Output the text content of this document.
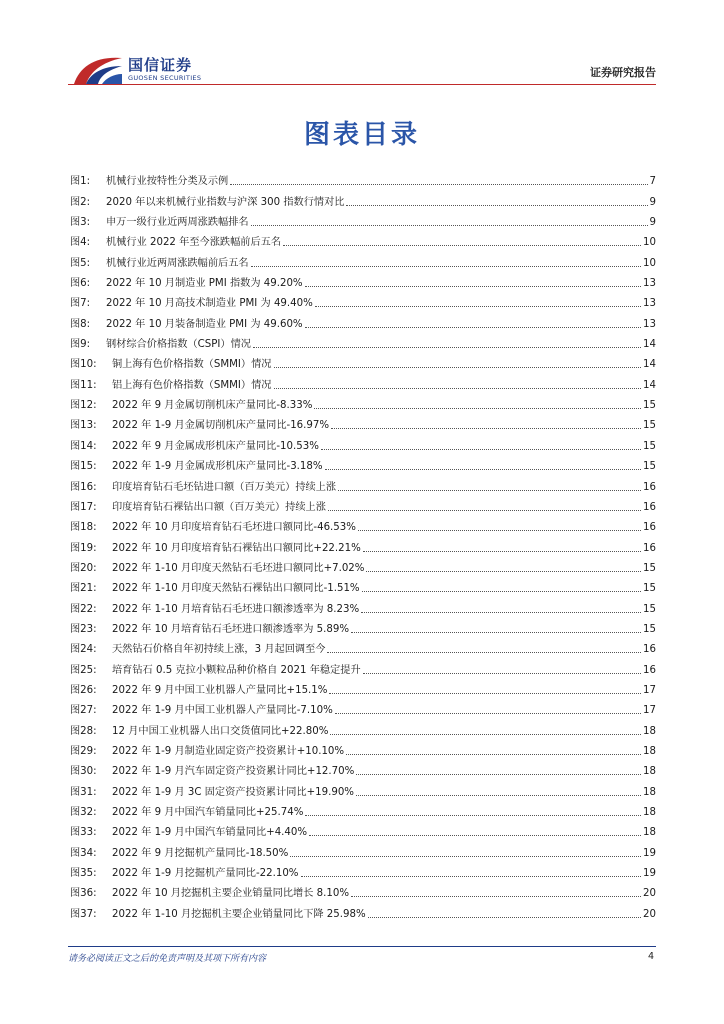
国信证券
GUOSEN SECURITIES	证券研究报告
图表目录
图1:	机械行业按特性分类及示例	7
图2:	2020 年以来机械行业指数与沪深 300 指数行情对比	9
图3:	申万一级行业近两周涨跌幅排名	9
图4:	机械行业 2022 年至今涨跌幅前后五名	10
图5:	机械行业近两周涨跌幅前后五名	10
图6:	2022 年 10 月制造业 PMI 指数为 49.20%	13
图7:	2022 年 10 月高技术制造业 PMI 为 49.40%	13
图8:	2022 年 10 月装备制造业 PMI 为 49.60%	13
图9:	钢材综合价格指数（CSPI）情况	14
图10:	铜上海有色价格指数（SMMI）情况	14
图11:	铝上海有色价格指数（SMMI）情况	14
图12:	2022 年 9 月金属切削机床产量同比-8.33%	15
图13:	2022 年 1-9 月金属切削机床产量同比-16.97%	15
图14:	2022 年 9 月金属成形机床产量同比-10.53%	15
图15:	2022 年 1-9 月金属成形机床产量同比-3.18%	15
图16:	印度培育钻石毛坯钻进口额（百万美元）持续上涨	16
图17:	印度培育钻石裸钻出口额（百万美元）持续上涨	16
图18:	2022 年 10 月印度培育钻石毛坯进口额同比-46.53%	16
图19:	2022 年 10 月印度培育钻石裸钻出口额同比+22.21%	16
图20:	2022 年 1-10 月印度天然钻石毛坯进口额同比+7.02%	15
图21:	2022 年 1-10 月印度天然钻石裸钻出口额同比-1.51%	15
图22:	2022 年 1-10 月培育钻石毛坯进口额渗透率为 8.23%	15
图23:	2022 年 10 月培育钻石毛坯进口额渗透率为 5.89%	15
图24:	天然钻石价格自年初持续上涨，3 月起回调至今	16
图25:	培育钻石 0.5 克拉小颗粒品种价格自 2021 年稳定提升	16
图26:	2022 年 9 月中国工业机器人产量同比+15.1%	17
图27:	2022 年 1-9 月中国工业机器人产量同比-7.10%	17
图28:	12 月中国工业机器人出口交货值同比+22.80%	18
图29:	2022 年 1-9 月制造业固定资产投资累计+10.10%	18
图30:	2022 年 1-9 月汽车固定资产投资累计同比+12.70%	18
图31:	2022 年 1-9 月 3C 固定资产投资累计同比+19.90%	18
图32:	2022 年 9 月中国汽车销量同比+25.74%	18
图33:	2022 年 1-9 月中国汽车销量同比+4.40%	18
图34:	2022 年 9 月挖掘机产量同比-18.50%	19
图35:	2022 年 1-9 月挖掘机产量同比-22.10%	19
图36:	2022 年 10 月挖掘机主要企业销量同比增长 8.10%	20
图37:	2022 年 1-10 月挖掘机主要企业销量同比下降 25.98%	20
请务必阅读正文之后的免责声明及其项下所有内容	4
